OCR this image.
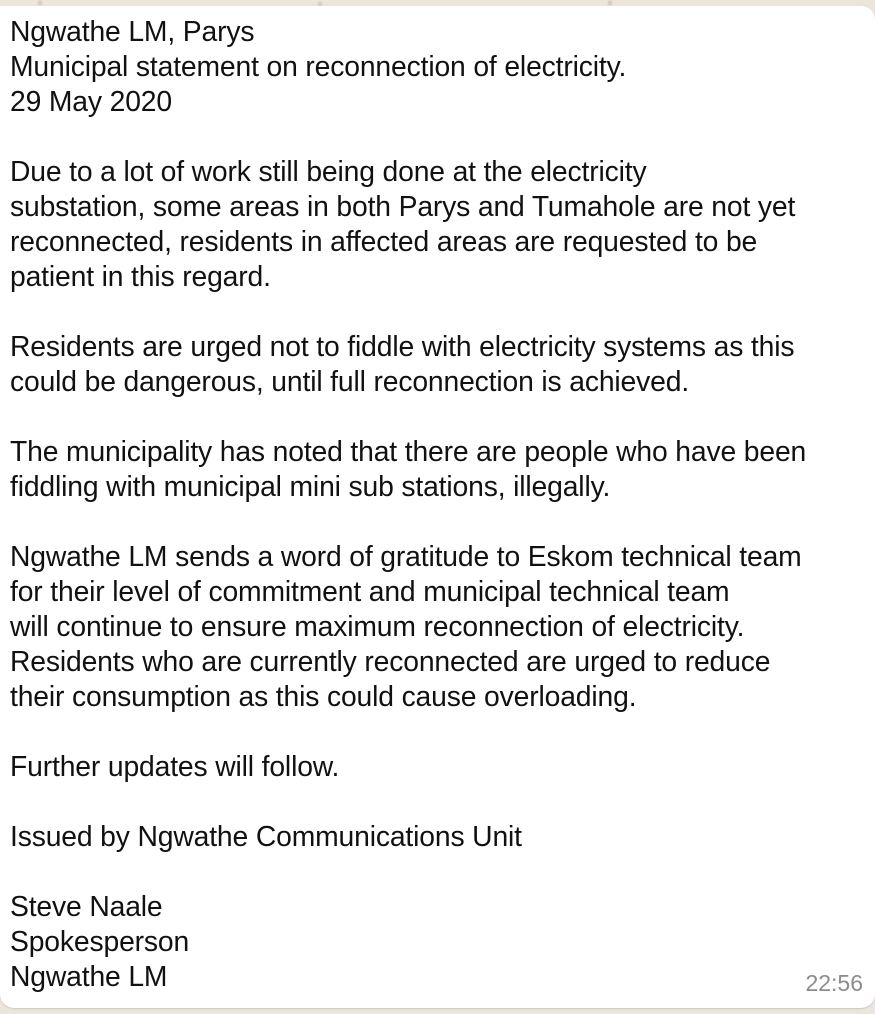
Ngwathe LM, Parys
Municipal statement on reconnection of electricity.
29 May 2020
Due to a lot of work still being done at the electricity
substation, some areas in both Parys and Tumahole are not yet
reconnected, residents in affected areas are requested to be
patient in this regard.
Residents are urged not to fiddle with electricity systems as this
could be dangerous, until full reconnection is achieved.
The municipality has noted that there are people who have been
fiddling with municipal mini sub stations, illegally.
Ngwathe LM sends a word of gratitude to Eskom technical team
for their level of commitment and municipal technical team
will continue to ensure maximum reconnection of electricity.
Residents who are currently reconnected are urged to reduce
their consumption as this could cause overloading.
Further updates will follow.
Issued by Ngwathe Communications Unit
Steve Naale
Spokesperson
Ngwathe LM	22:56
